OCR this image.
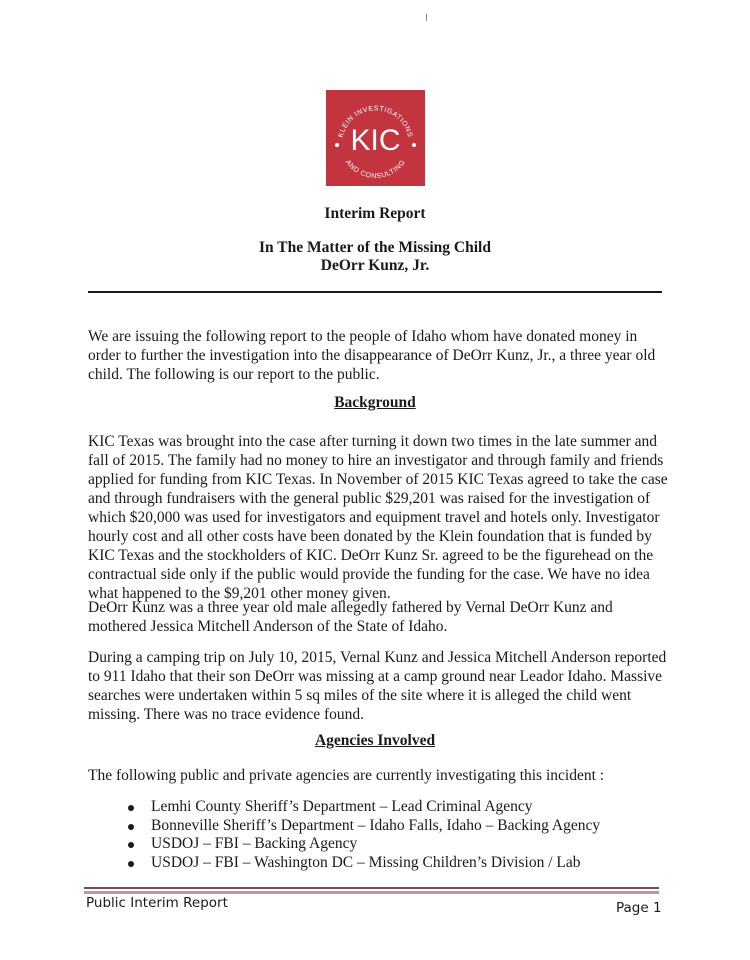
KLEIN INVESTIGATIONS
AND CONSULTING
KIC
Interim Report
In The Matter of the Missing Child
DeOrr Kunz, Jr.
We are issuing the following report to the people of Idaho whom have donated money in order to further the investigation into the disappearance of DeOrr Kunz, Jr., a three year old child. The following is our report to the public.
Background
KIC Texas was brought into the case after turning it down two times in the late summer and fall of 2015. The family had no money to hire an investigator and through family and friends applied for funding from KIC Texas. In November of 2015 KIC Texas agreed to take the case and through fundraisers with the general public $29,201 was raised for the investigation of which $20,000 was used for investigators and equipment travel and hotels only. Investigator hourly cost and all other costs have been donated by the Klein foundation that is funded by KIC Texas and the stockholders of KIC. DeOrr Kunz Sr. agreed to be the figurehead on the contractual side only if the public would provide the funding for the case. We have no idea what happened to the $9,201 other money given.
DeOrr Kunz was a three year old male allegedly fathered by Vernal DeOrr Kunz and mothered Jessica Mitchell Anderson of the State of Idaho.
During a camping trip on July 10, 2015, Vernal Kunz and Jessica Mitchell Anderson reported to 911 Idaho that their son DeOrr was missing at a camp ground near Leador Idaho. Massive searches were undertaken within 5 sq miles of the site where it is alleged the child went missing. There was no trace evidence found.
Agencies Involved
The following public and private agencies are currently investigating this incident :
Lemhi County Sheriff’s Department – Lead Criminal Agency
Bonneville Sheriff’s Department – Idaho Falls, Idaho – Backing Agency
USDOJ – FBI – Backing Agency
USDOJ – FBI – Washington DC – Missing Children’s Division / Lab
Public Interim Report	Page 1
